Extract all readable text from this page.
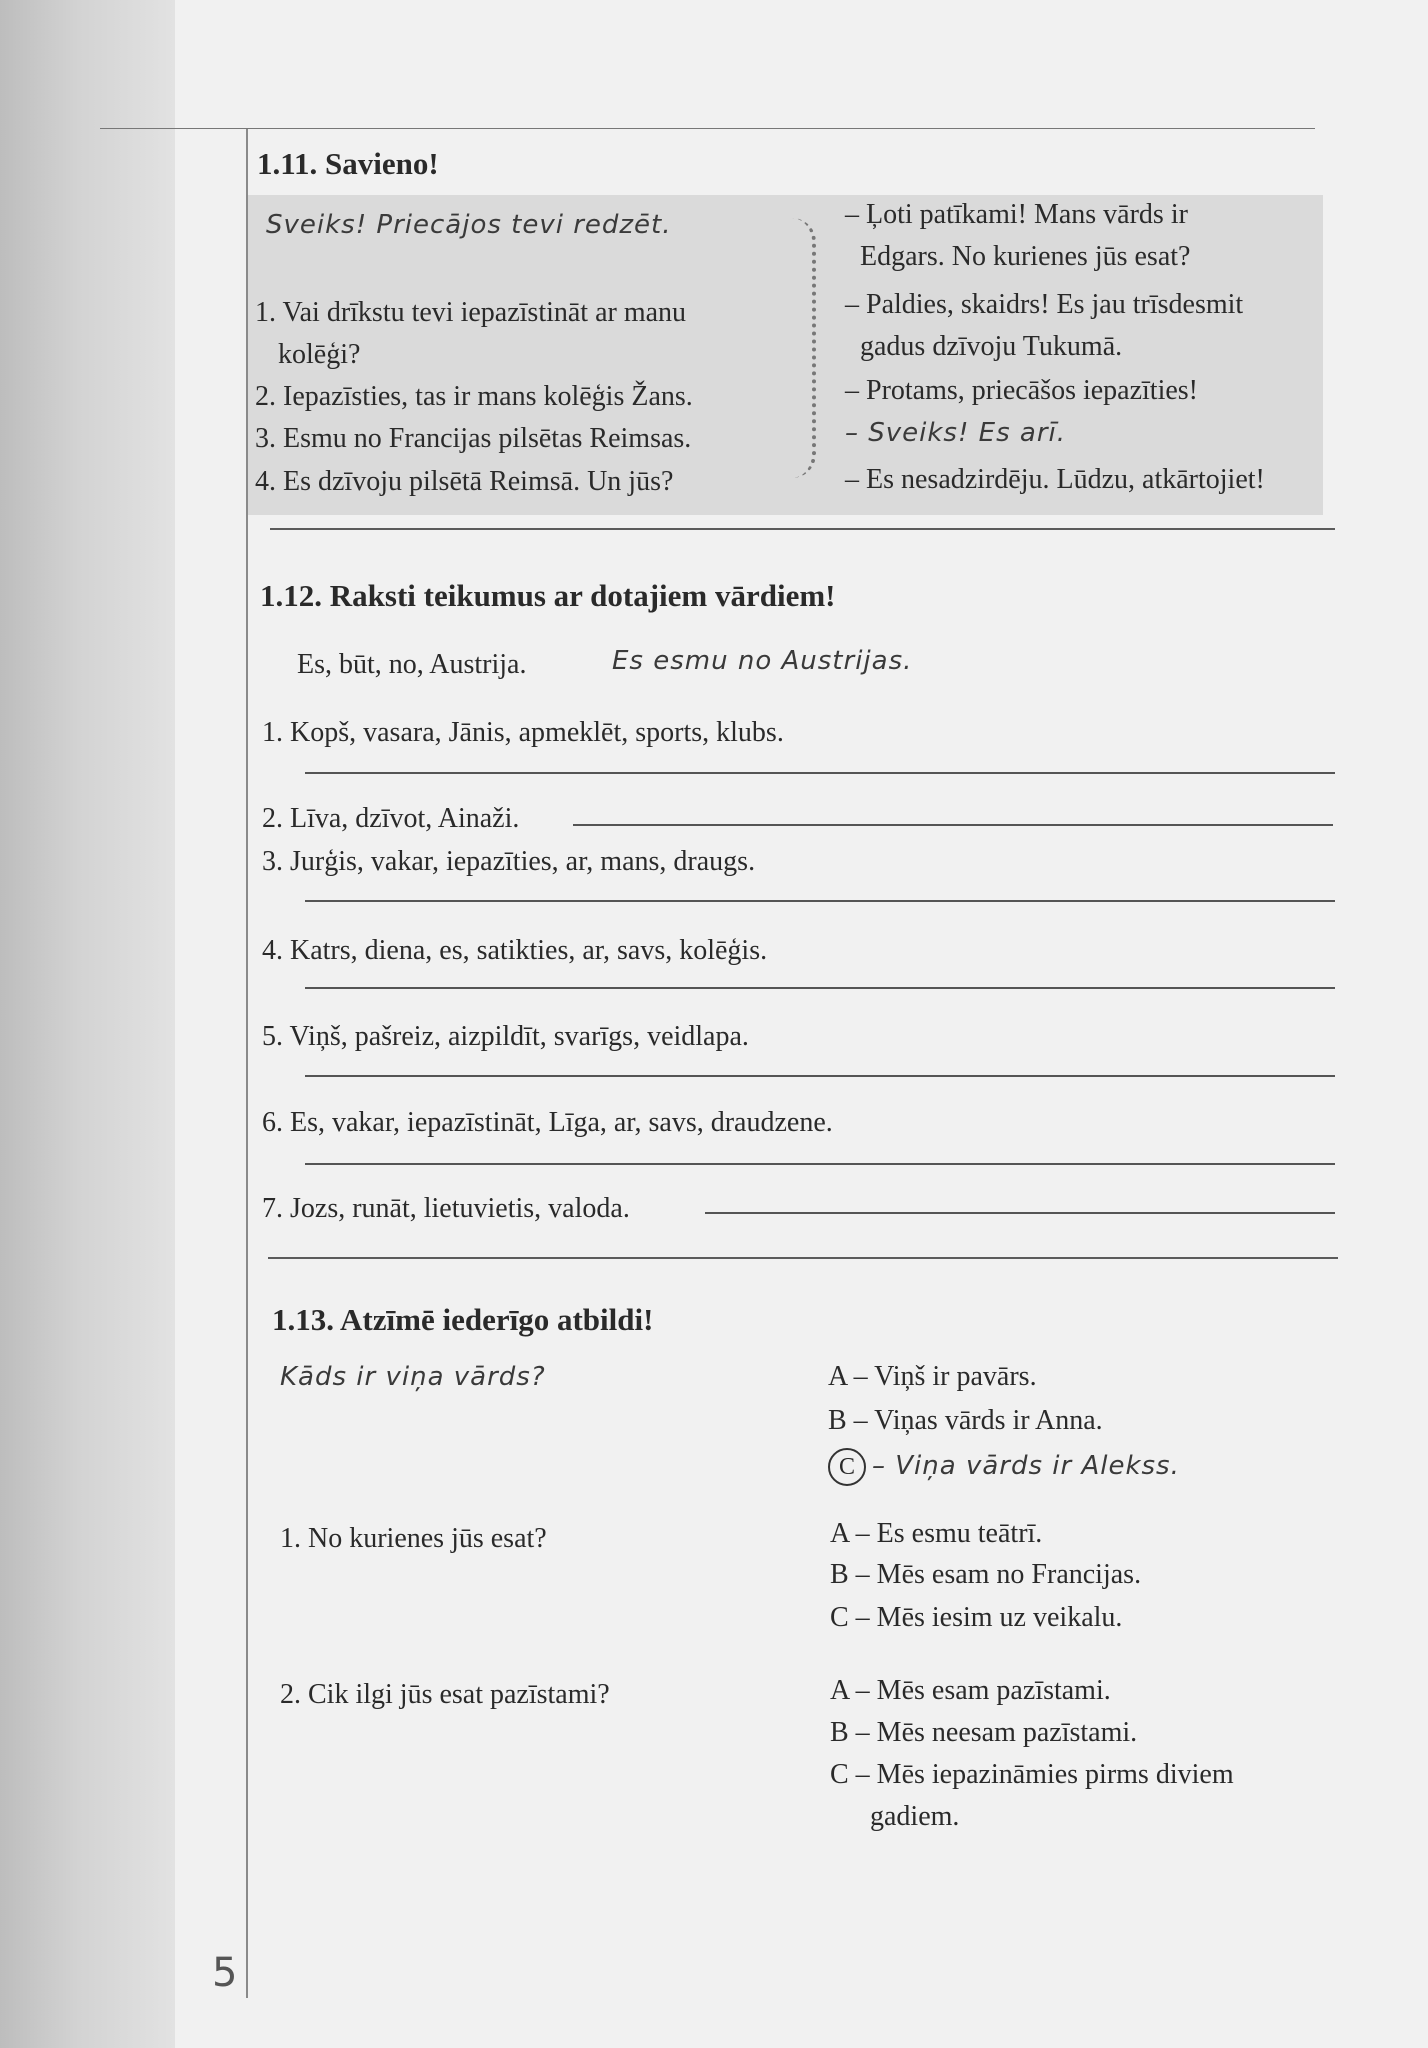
1.11. Savieno!
Sveiks! Priecājos tevi redzēt.
1. Vai drīkstu tevi iepazīstināt ar manu
kolēģi?
2. Iepazīsties, tas ir mans kolēģis Žans.
3. Esmu no Francijas pilsētas Reimsas.
4. Es dzīvoju pilsētā Reimsā. Un jūs?
– Ļoti patīkami! Mans vārds ir
Edgars. No kurienes jūs esat?
– Paldies, skaidrs! Es jau trīsdesmit
gadus dzīvoju Tukumā.
– Protams, priecāšos iepazīties!
– Sveiks! Es arī.
– Es nesadzirdēju. Lūdzu, atkārtojiet!
1.12. Raksti teikumus ar dotajiem vārdiem!
Es, būt, no, Austrija.	Es esmu no Austrijas.
1. Kopš, vasara, Jānis, apmeklēt, sports, klubs.
2. Līva, dzīvot, Ainaži.
3. Jurģis, vakar, iepazīties, ar, mans, draugs.
4. Katrs, diena, es, satikties, ar, savs, kolēģis.
5. Viņš, pašreiz, aizpildīt, svarīgs, veidlapa.
6. Es, vakar, iepazīstināt, Līga, ar, savs, draudzene.
7. Jozs, runāt, lietuvietis, valoda.
1.13. Atzīmē iederīgo atbildi!
Kāds ir viņa vārds?	A – Viņš ir pavārs.
B – Viņas vārds ir Anna.
C – Viņa vārds ir Alekss.
1. No kurienes jūs esat?	A – Es esmu teātrī.
B – Mēs esam no Francijas.
C – Mēs iesim uz veikalu.
2. Cik ilgi jūs esat pazīstami?	A – Mēs esam pazīstami.
B – Mēs neesam pazīstami.
C – Mēs iepazināmies pirms diviem
gadiem.
5
